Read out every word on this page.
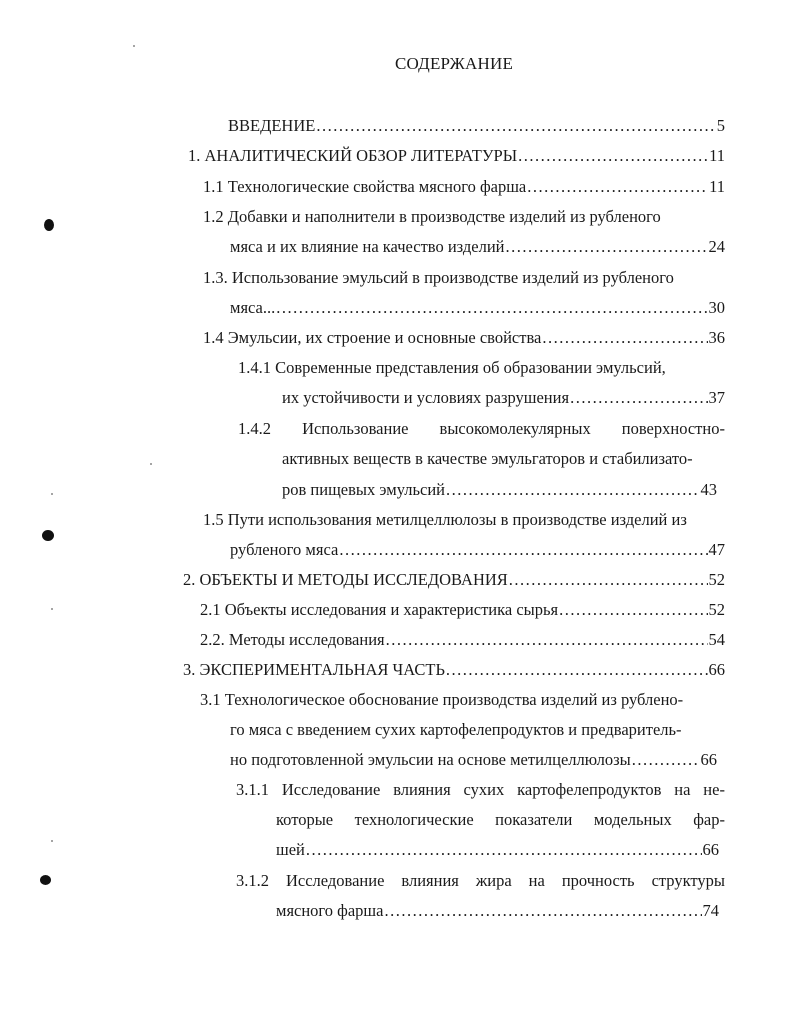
СОДЕРЖАНИЕ
ВВЕДЕНИЕ .....	5
1. АНАЛИТИЧЕСКИЙ ОБЗОР ЛИТЕРАТУРЫ .....	11
1.1 Технологические свойства мясного фарша .....	11
1.2 Добавки и наполнители в производстве изделий из рубленого
мяса и их влияние на качество изделий .....	24
1.3. Использование эмульсий в производстве изделий из рубленого
мяса... .....	30
1.4 Эмульсии, их строение и основные свойства .....	36
1.4.1 Современные представления об образовании эмульсий,
их устойчивости и условиях разрушения .....	37
1.4.2 Использование высокомолекулярных поверхностно-
активных веществ в качестве эмульгаторов и стабилизато-
ров пищевых эмульсий .....	43
1.5 Пути использования метилцеллюлозы в производстве изделий из
рубленого мяса .....	47
2. ОБЪЕКТЫ И МЕТОДЫ ИССЛЕДОВАНИЯ .....	52
2.1 Объекты исследования и характеристика сырья .....	52
2.2. Методы исследования .....	54
3. ЭКСПЕРИМЕНТАЛЬНАЯ ЧАСТЬ .....	66
3.1 Технологическое обоснование производства изделий из рублено-
го мяса с введением сухих картофелепродуктов и предваритель-
но подготовленной эмульсии на основе метилцеллюлозы .....	66
3.1.1 Исследование влияния сухих картофелепродуктов на не-
которые технологические показатели модельных фар-
шей .....	66
3.1.2 Исследование влияния жира на прочность структуры
мясного фарша .....	74
